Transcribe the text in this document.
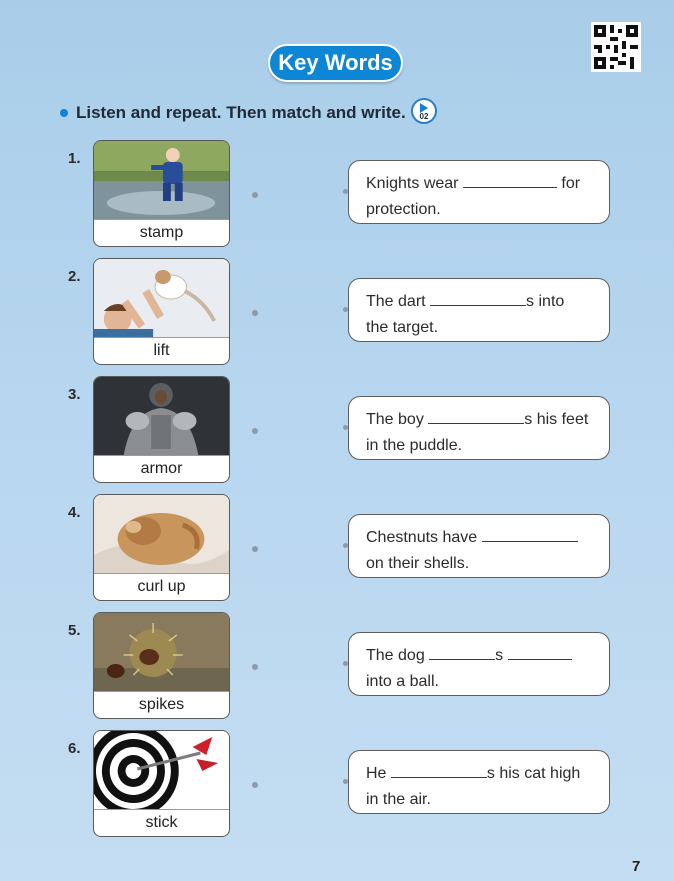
Key Words
Listen and repeat. Then match and write. 02
1.
stamp
Knights wear	for
protection.
2.
lift
The dart	s into
the target.
3.
armor
The boy	s his feet
in the puddle.
4.
curl up
Chestnuts have
on their shells.
5.
spikes
The dog	s
into a ball.
6.
stick
He	s his cat high
in the air.
7
